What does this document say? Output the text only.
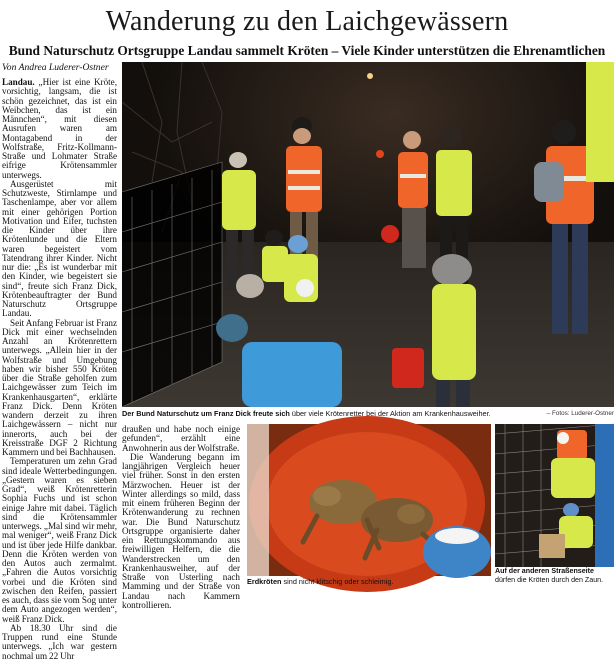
Wanderung zu den Laichgewässern
Bund Naturschutz Ortsgruppe Landau sammelt Kröten – Viele Kinder unterstützen die Ehrenamtlichen
Von Andrea Luderer-Ostner

Landau. „Hier ist eine Kröte, vorsichtig, langsam, die ist schön gezeichnet, das ist ein Weibchen, das ist ein Männchen“, mit diesen Ausrufen waren am Montagabend in der Wolfstraße, Fritz-Kollmann-Straße und Lohmater Straße eifrige Krötensammler unterwegs.

Ausgerüstet mit Schutzweste, Stirnlampe und Taschenlampe, aber vor allem mit einer gehörigen Portion Motivation und Eifer, tuchsten die Kinder über ihre Krötenlunde und die Eltern waren begeistert vom Tatendrang ihrer Kinder. Nicht nur die: „Es ist wunderbar mit den Kinder, wie begeistert sie sind“, freute sich Franz Dick, Krötenbeauftragter der Bund Naturschutz Ortsgruppe Landau.

Seit Anfang Februar ist Franz Dick mit einer wechselnden Anzahl an Krötenrettern unterwegs. „Allein hier in der Wolfstraße und Umgebung haben wir bisher 550 Kröten über die Straße geholfen zum Laichgewässer zum Teich im Krankenhausgarten“, erklärte Franz Dick. Denn Kröten wandern derzeit zu ihren Laichgewässern – nicht nur innerorts, auch bei der Kreisstraße DGF 2 Richtung Kammern und bei Bachhausen.

Temperaturen um zehn Grad sind ideale Wetterbedingungen. „Gestern waren es sieben Grad“, weiß Krötenretterin Sophia Fuchs und ist schon einige Jahre mit dabei. Täglich sind die Krötensammler unterwegs. „Mal sind wir mehr, mal weniger“, weiß Franz Dick und ist über jede Hilfe dankbar. Denn die Kröten werden von den Autos auch zermalmt. „Fahren die Autos vorsichtig vorbei und die Kröten sind zwischen den Reifen, passiert es auch, dass sie vom Sog unter dem Auto angezogen werden“, weiß Franz Dick.

Ab 18.30 Uhr sind die Truppen rund eine Stunde unterwegs. „Ich war gestern nochmal um 22 Uhr

draußen und habe noch einige gefunden“, erzählt eine Anwohnerin aus der Wolfstraße.

Die Wanderung begann im langjährigen Vergleich heuer viel früher. Sonst in den ersten Märzwochen. Heuer ist der Winter allerdings so mild, dass mit einem früheren Beginn der Krötenwanderung zu rechnen war. Die Bund Naturschutz Ortsgruppe organisierte daher ein Rettungskommando aus freiwilligen Helfern, die die Wanderstrecken um den Krankenhausweiher, auf der Straße von Usterling nach Mamming und der Straße von Landau nach Kammern kontrollieren.

Der Bund Naturschutz um Franz Dick freute sich über viele Krötenretter bei der Aktion am Krankenhausweiher.	– Fotos: Luderer-Ostner
Erdkröten sind nicht klitschig oder schleimig.
Auf der anderen Straßenseite dürfen die Kröten durch den Zaun.
